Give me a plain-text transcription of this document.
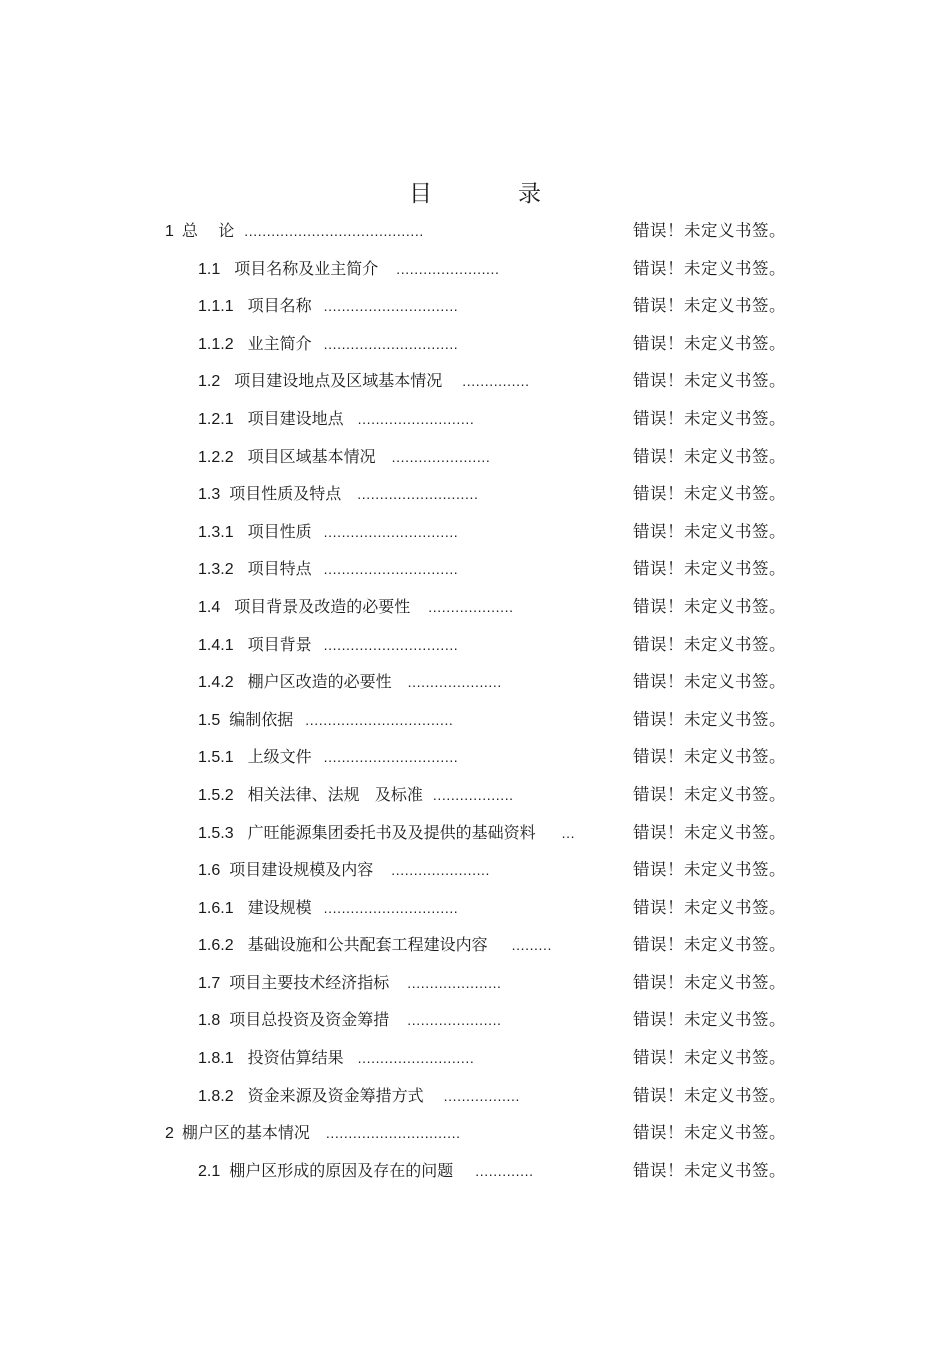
目	录
1 总    论 ........................................	错误！未定义书签。
1.1 项目名称及业主简介 .......................	错误！未定义书签。
1.1.1 项目名称 ..............................	错误！未定义书签。
1.1.2 业主简介 ..............................	错误！未定义书签。
1.2 项目建设地点及区域基本情况 ...............	错误！未定义书签。
1.2.1 项目建设地点 ..........................	错误！未定义书签。
1.2.2 项目区域基本情况 ......................	错误！未定义书签。
1.3 项目性质及特点 ...........................	错误！未定义书签。
1.3.1 项目性质 ..............................	错误！未定义书签。
1.3.2 项目特点 ..............................	错误！未定义书签。
1.4 项目背景及改造的必要性 ...................	错误！未定义书签。
1.4.1 项目背景 ..............................	错误！未定义书签。
1.4.2 棚户区改造的必要性 .....................	错误！未定义书签。
1.5 编制依据 .................................	错误！未定义书签。
1.5.1 上级文件 ..............................	错误！未定义书签。
1.5.2 相关法律、法规   及标准 ..................	错误！未定义书签。
1.5.3 广旺能源集团委托书及及提供的基础资料 ...	错误！未定义书签。
1.6 项目建设规模及内容 ......................	错误！未定义书签。
1.6.1 建设规模 ..............................	错误！未定义书签。
1.6.2 基础设施和公共配套工程建设内容 .........	错误！未定义书签。
1.7 项目主要技术经济指标 .....................	错误！未定义书签。
1.8 项目总投资及资金筹措 .....................	错误！未定义书签。
1.8.1 投资估算结果 ..........................	错误！未定义书签。
1.8.2 资金来源及资金筹措方式 .................	错误！未定义书签。
2 棚户区的基本情况 ..............................	错误！未定义书签。
2.1 棚户区形成的原因及存在的问题 .............	错误！未定义书签。
